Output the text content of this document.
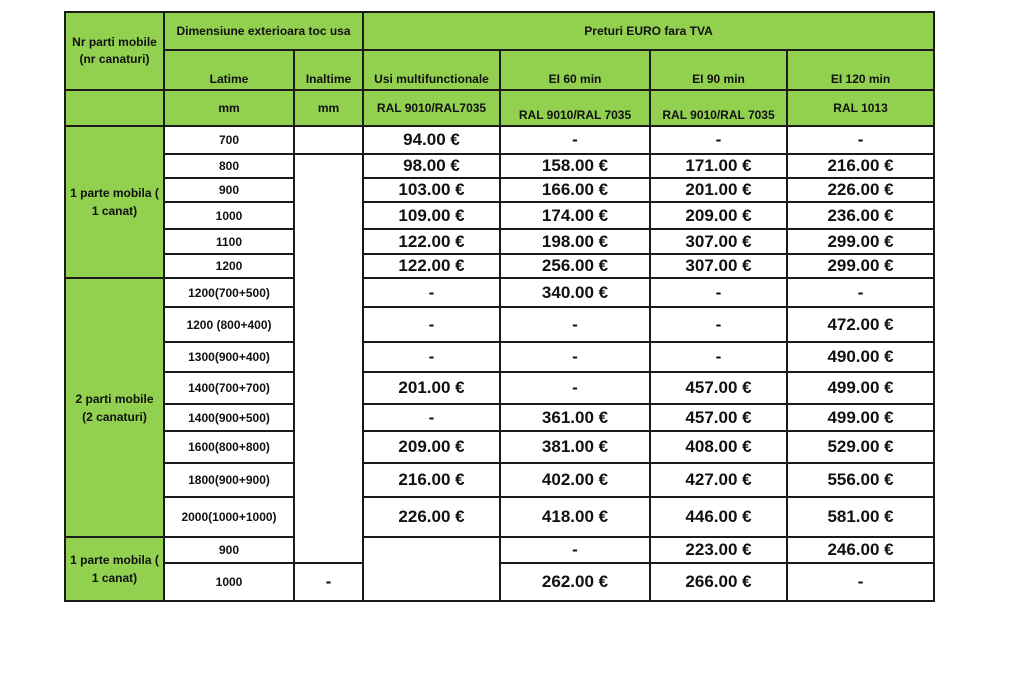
Nr parti mobile
(nr canaturi)	Dimensiune exterioara toc usa		Preturi EURO fara TVA				
	Latime	Inaltime	Usi multifunctionale	EI 60 min	EI 90 min	EI 120 min	
	mm	mm	RAL 9010/RAL7035	RAL 9010/RAL 7035	RAL 9010/RAL 7035	RAL 1013	
1 parte mobila (
1 canat)	700		94.00 €	-	-	-	
	800		98.00 €	158.00 €	171.00 €	216.00 €	
	900		103.00 €	166.00 €	201.00 €	226.00 €	
	1000		109.00 €	174.00 €	209.00 €	236.00 €	
	1100		122.00 €	198.00 €	307.00 €	299.00 €	
	1200		122.00 €	256.00 €	307.00 €	299.00 €	
2 parti mobile
(2 canaturi)	1200(700+500)		-	340.00 €	-	-	
	1200 (800+400)		-	-	-	472.00 €	
	1300(900+400)		-	-	-	490.00 €	
	1400(700+700)		201.00 €	-	457.00 €	499.00 €	
	1400(900+500)		-	361.00 €	457.00 €	499.00 €	
	1600(800+800)		209.00 €	381.00 €	408.00 €	529.00 €	
	1800(900+900)		216.00 €	402.00 €	427.00 €	556.00 €	
	2000(1000+1000)		226.00 €	418.00 €	446.00 €	581.00 €	
1 parte mobila (
1 canat)	900			-	223.00 €	246.00 €	
	1000	-		262.00 €	266.00 €	-	
